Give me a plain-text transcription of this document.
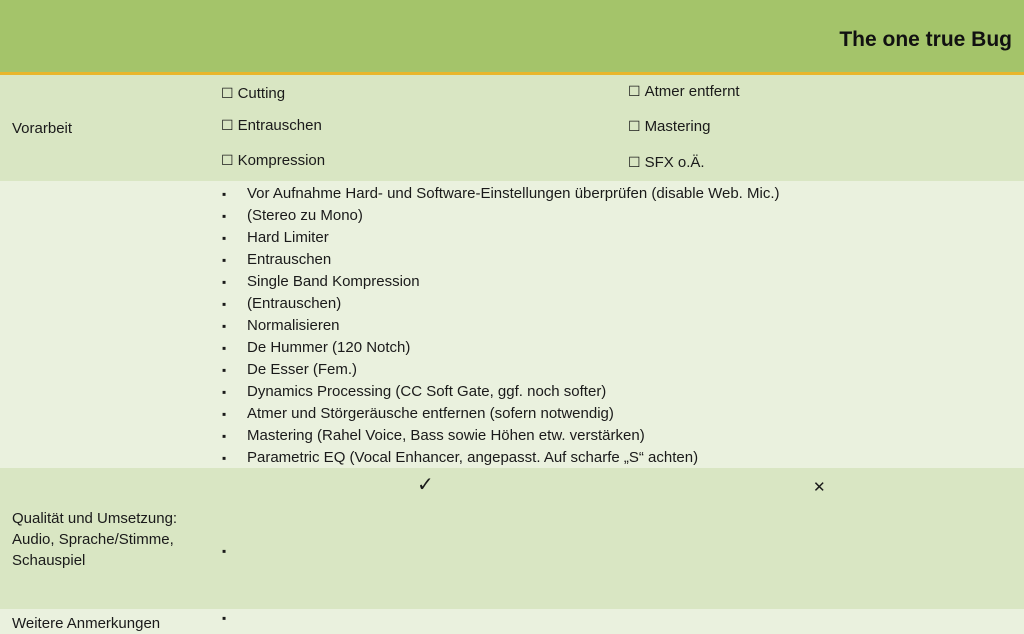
The one true Bug
Vorarbeit
☐ Cutting
☐ Entrauschen
☐ Kompression
☐ Atmer entfernt
☐ Mastering
☐ SFX o.Ä.
▪ Vor Aufnahme Hard- und Software-Einstellungen überprüfen (disable Web. Mic.)
▪ (Stereo zu Mono)
▪ Hard Limiter
▪ Entrauschen
▪ Single Band Kompression
▪ (Entrauschen)
▪ Normalisieren
▪ De Hummer (120 Notch)
▪ De Esser (Fem.)
▪ Dynamics Processing (CC Soft Gate, ggf. noch softer)
▪ Atmer und Störgeräusche entfernen (sofern notwendig)
▪ Mastering (Rahel Voice, Bass sowie Höhen etw. verstärken)
▪ Parametric EQ (Vocal Enhancer, angepasst. Auf scharfe „S“ achten)
Qualität und Umsetzung:
Audio, Sprache/Stimme,
Schauspiel
✓	✕
▪
Weitere Anmerkungen	▪
